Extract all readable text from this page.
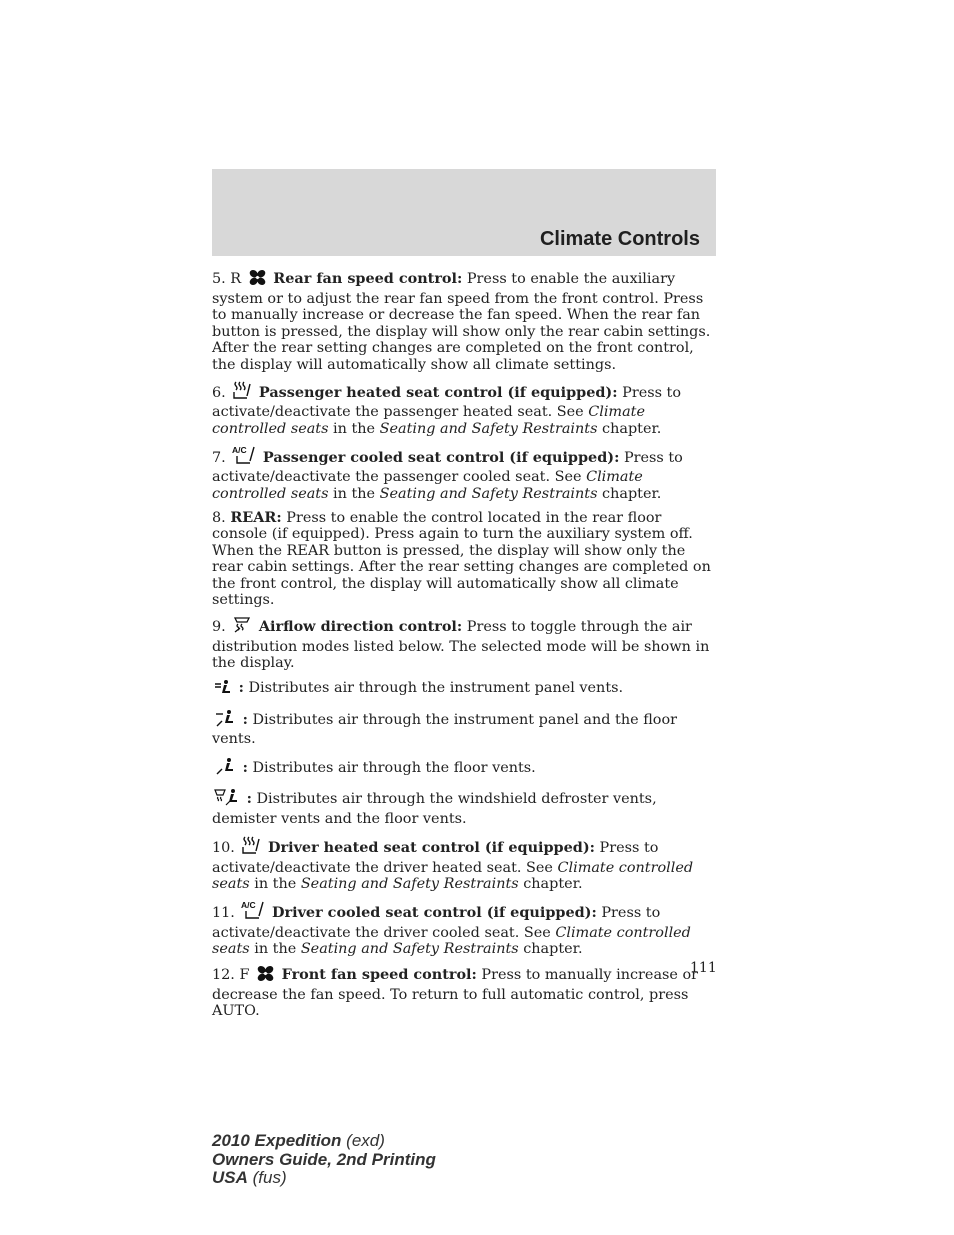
Climate Controls

5. R Rear fan speed control: Press to enable the auxiliary system or to adjust the rear fan speed from the front control. Press to manually increase or decrease the fan speed. When the rear fan button is pressed, the display will show only the rear cabin settings. After the rear setting changes are completed on the front control, the display will automatically show all climate settings.

6. Passenger heated seat control (if equipped): Press to activate/deactivate the passenger heated seat. See Climate controlled seats in the Seating and Safety Restraints chapter.

7. A/C Passenger cooled seat control (if equipped): Press to activate/deactivate the passenger cooled seat. See Climate controlled seats in the Seating and Safety Restraints chapter.

8. REAR: Press to enable the control located in the rear floor console (if equipped). Press again to turn the auxiliary system off. When the REAR button is pressed, the display will show only the rear cabin settings. After the rear setting changes are completed on the front control, the display will automatically show all climate settings.

9. Airflow direction control: Press to toggle through the air distribution modes listed below. The selected mode will be shown in the display.

: Distributes air through the instrument panel vents.

: Distributes air through the instrument panel and the floor vents.

: Distributes air through the floor vents.

: Distributes air through the windshield defroster vents, demister vents and the floor vents.

10. Driver heated seat control (if equipped): Press to activate/deactivate the driver heated seat. See Climate controlled seats in the Seating and Safety Restraints chapter.

11. A/C Driver cooled seat control (if equipped): Press to activate/deactivate the driver cooled seat. See Climate controlled seats in the Seating and Safety Restraints chapter.

12. F Front fan speed control: Press to manually increase or decrease the fan speed. To return to full automatic control, press AUTO.

111
2010 Expedition (exd)
Owners Guide, 2nd Printing
USA (fus)
